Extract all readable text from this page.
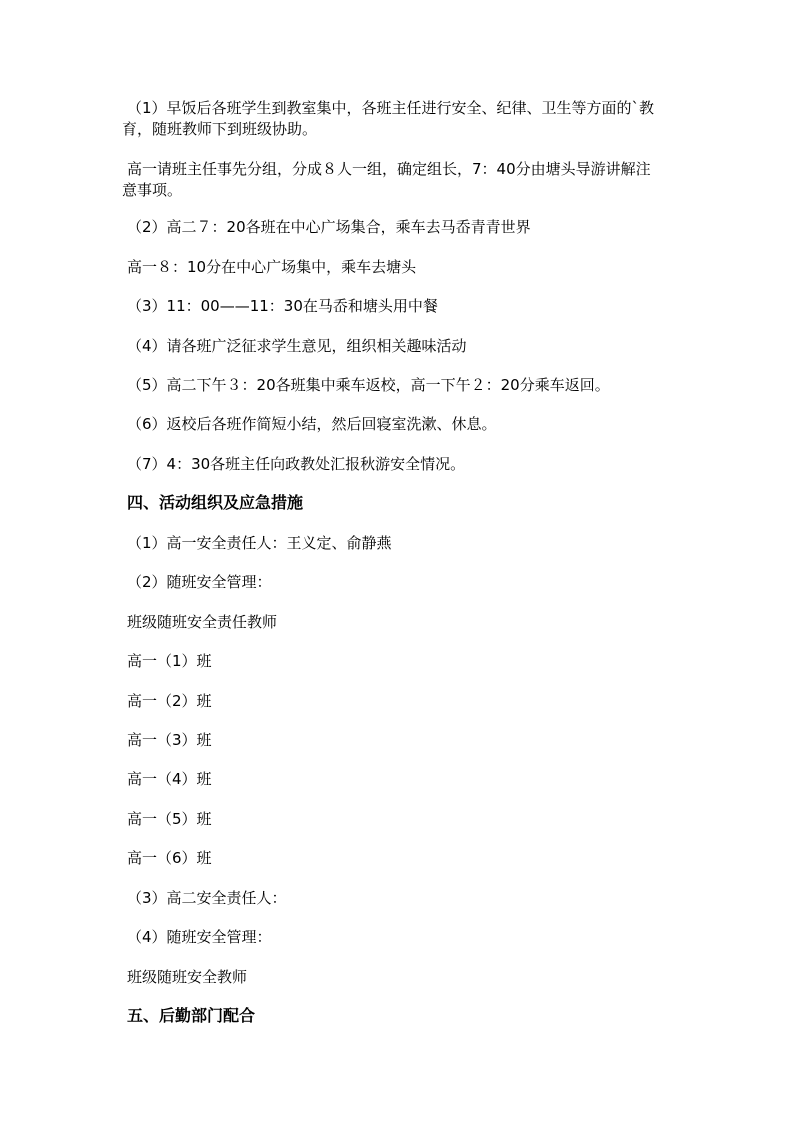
（1）早饭后各班学生到教室集中，各班主任进行安全、纪律、卫生等方面的`教
育，随班教师下到班级协助。
高一请班主任事先分组，分成８人一组，确定组长，7：40分由塘头导游讲解注
意事项。
（2）高二７：20各班在中心广场集合，乘车去马岙青青世界
高一８：10分在中心广场集中，乘车去塘头
（3）11：00——11：30在马岙和塘头用中餐
（4）请各班广泛征求学生意见，组织相关趣味活动
（5）高二下午３：20各班集中乘车返校，高一下午２：20分乘车返回。
（6）返校后各班作简短小结，然后回寝室洗漱、休息。
（7）4：30各班主任向政教处汇报秋游安全情况。
四、活动组织及应急措施
（1）高一安全责任人：王义定、俞静燕
（2）随班安全管理：
班级随班安全责任教师
高一（1）班
高一（2）班
高一（3）班
高一（4）班
高一（5）班
高一（6）班
（3）高二安全责任人：
（4）随班安全管理：
班级随班安全教师
五、后勤部门配合
